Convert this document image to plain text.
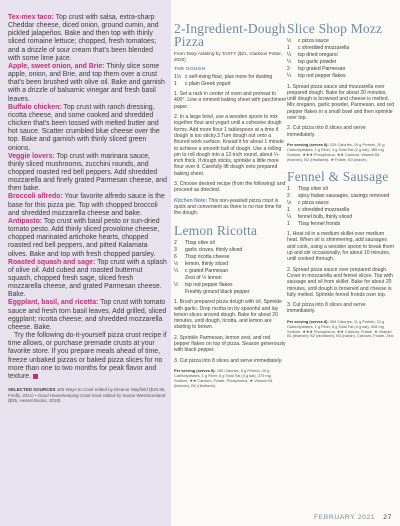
Tex-mex taco: Top crust with salsa, extra-sharp Cheddar cheese, diced onion, ground cumin, and pickled jalapeños. Bake and then top with thinly sliced romaine lettuce; chopped, fresh tomatoes; and a drizzle of sour cream that's been blended with some lime juice.

Apple, sweet onion, and Brie: Thinly slice some apple, onion, and Brie, and top them over a crust that's been brushed with olive oil. Bake and garnish with a drizzle of balsamic vinegar and fresh basil leaves.

Buffalo chicken: Top crust with ranch dressing, ricotta cheese, and some cooked and shredded chicken that's been tossed with melted butter and hot sauce. Scatter crumbled blue cheese over the top. Bake and garnish with thinly sliced green onions.

Veggie lovers: Top crust with marinara sauce, thinly sliced mushrooms, zucchini rounds, and chopped roasted red bell peppers. Add shredded mozzarella and finely grated Parmesan cheese, and then bake.

Broccoli alfredo: Your favorite alfredo sauce is the base for this pizza pie. Top with chopped broccoli and shredded mozzarella cheese and bake.

Antipasto: Top crust with basil pesto or sun-dried tomato pesto. Add thinly sliced provolone cheese, chopped marinated artichoke hearts, chopped roasted red bell peppers, and pitted Kalamata olives. Bake and top with fresh chopped parsley.

Roasted squash and sage: Top crust with a splash of olive oil. Add cubed and roasted butternut squash, chopped fresh sage, sliced fresh mozzarella cheese, and grated Parmesan cheese. Bake.

Eggplant, basil, and ricotta: Top crust with tomato sauce and fresh torn basil leaves. Add grilled, sliced eggplant; ricotta cheese; and shredded mozzarella cheese. Bake.

Try the following do-it-yourself pizza crust recipe if time allows, or purchase premade crusts at your favorite store. If you prepare meals ahead of time, freeze unbaked pizzas or baked pizza slices for no more than one to two months for peak flavor and texture.

SELECTED SOURCES 365 Ways to Cook edited by Eleanor Mayfield ($19.95, Firefly, 2011) • Good Housekeeping Cook-book edited by Susan Westmoreland ($35, Hearst Books, 2018)

2-Ingredient-Dough Pizza

From Tasty Adulting by TASTY ($21, Clarkson Potter, 2020)

THE DOUGH

1½ c self-rising flour, plus more for dusting
1	c plain Greek yogurt

1. Set a rack in center of oven and preheat to 400°. Line a rimmed baking sheet with parchment paper.

2. In a large bowl, use a wooden spoon to mix together flour and yogurt until a cohesive dough forms. Add more flour 1 tablespoon at a time if dough is too sticky.3 Turn dough out onto a floured work surface. Knead it for about 1 minute to achieve a smooth ball of dough. Use a rolling pin to roll dough into a 12-inch round, about ¼-inch thick. If dough sticks, sprinkle a little more flour over it. Carefully lift dough onto prepared baking sheet.

3. Choose desired recipe (from the following) and proceed as directed.

Kitchen Note: This non-yeasted pizza crust is quick and convenient as there is no rise time for the dough.

Lemon Ricotta
2	Tbsp olive oil
3	garlic cloves, thinly sliced
6	Tbsp ricotta cheese
½	lemon, thinly sliced
¼	c grated Parmesan
Zest of ½ lemon
½	tsp red pepper flakes
Freshly ground black pepper

1. Brush prepared pizza dough with oil. Sprinkle with garlic. Drop ricotta on by spoonful and lay lemon slices around dough. Bake for about 20 minutes, until dough, ricotta, and lemon are starting to brown.

2. Sprinkle Parmesan, lemon zest, and red pepper flakes on top of pizza. Season generously with black pepper.

3. Cut pizza into 8 slices and serve immediately.

Per serving (serves 8): 185 Calories, 8 g Protein, 20 g Carbohydrates, 1 g Fiber, 8 g Total Fat (3 g sat), 370 mg Sodium, ★★ Calcium, Folate, Phosphorus, ★ Vitamin B1 (thiamin), B2 (riboflavin).

Slice Shop Mozz
½	c pizza sauce
1	c shredded mozzarella
¼	tsp dried oregano
¼	tsp garlic powder
2	tsp grated Parmesan
¼	tsp red pepper flakes

1. Spread pizza sauce and mozzarella over prepared dough. Bake for about 20 minutes, until dough is browned and cheese is melted. Mix oregano, garlic powder, Parmesan, and red pepper flakes in a small bowl and then sprinkle over top.

2. Cut pizza into 8 slices and serve immediately.

Per serving (serves 8): 129 Calories, 10 g Protein, 20 g Carbohydrates, 1 g Fiber, 4 g Total Fat (2 g sat), 385 mg Sodium, ★★★ Phosphorus, ★★ Calcium, Vitamin B1 (thiamin), B2 (riboflavin), ★ Folate, B3 (niacin).

Fennel & Sausage
1	Tbsp olive oil
2	spicy Italian sausages, casings removed
½	c pizza sauce
1	c shredded mozzarella
¼	fennel bulb, thinly sliced
1	Tbsp fennel fronds

1. Heat oil in a medium skillet over medium heat. When oil is shimmering, add sausages and cook, using a wooden spoon to break them up and stir occasionally, for about 10 minutes, until cooked through.

2. Spread pizza sauce over prepared dough. Cover in mozzarella and fennel slices. Top with sausage and oil from skillet. Bake for about 20 minutes, until dough is browned and cheese is fully melted. Sprinkle fennel fronds over top.

3. Cut pizza into 8 slices and serve immediately.

Per serving (serves 8): 304 Calories, 11 g Protein, 21 g Carbohydrates, 1 g Fiber, 8 g Total Fat (4 g sat), 528 mg Sodium, ★★★ Phosphorus, ★★ Calcium, Folate, ★ Vitamin B1 (thiamin), B2 (riboflavin), B3 (niacin), Calcium, Folate, Zinc.

FEBRUARY 2021 27
